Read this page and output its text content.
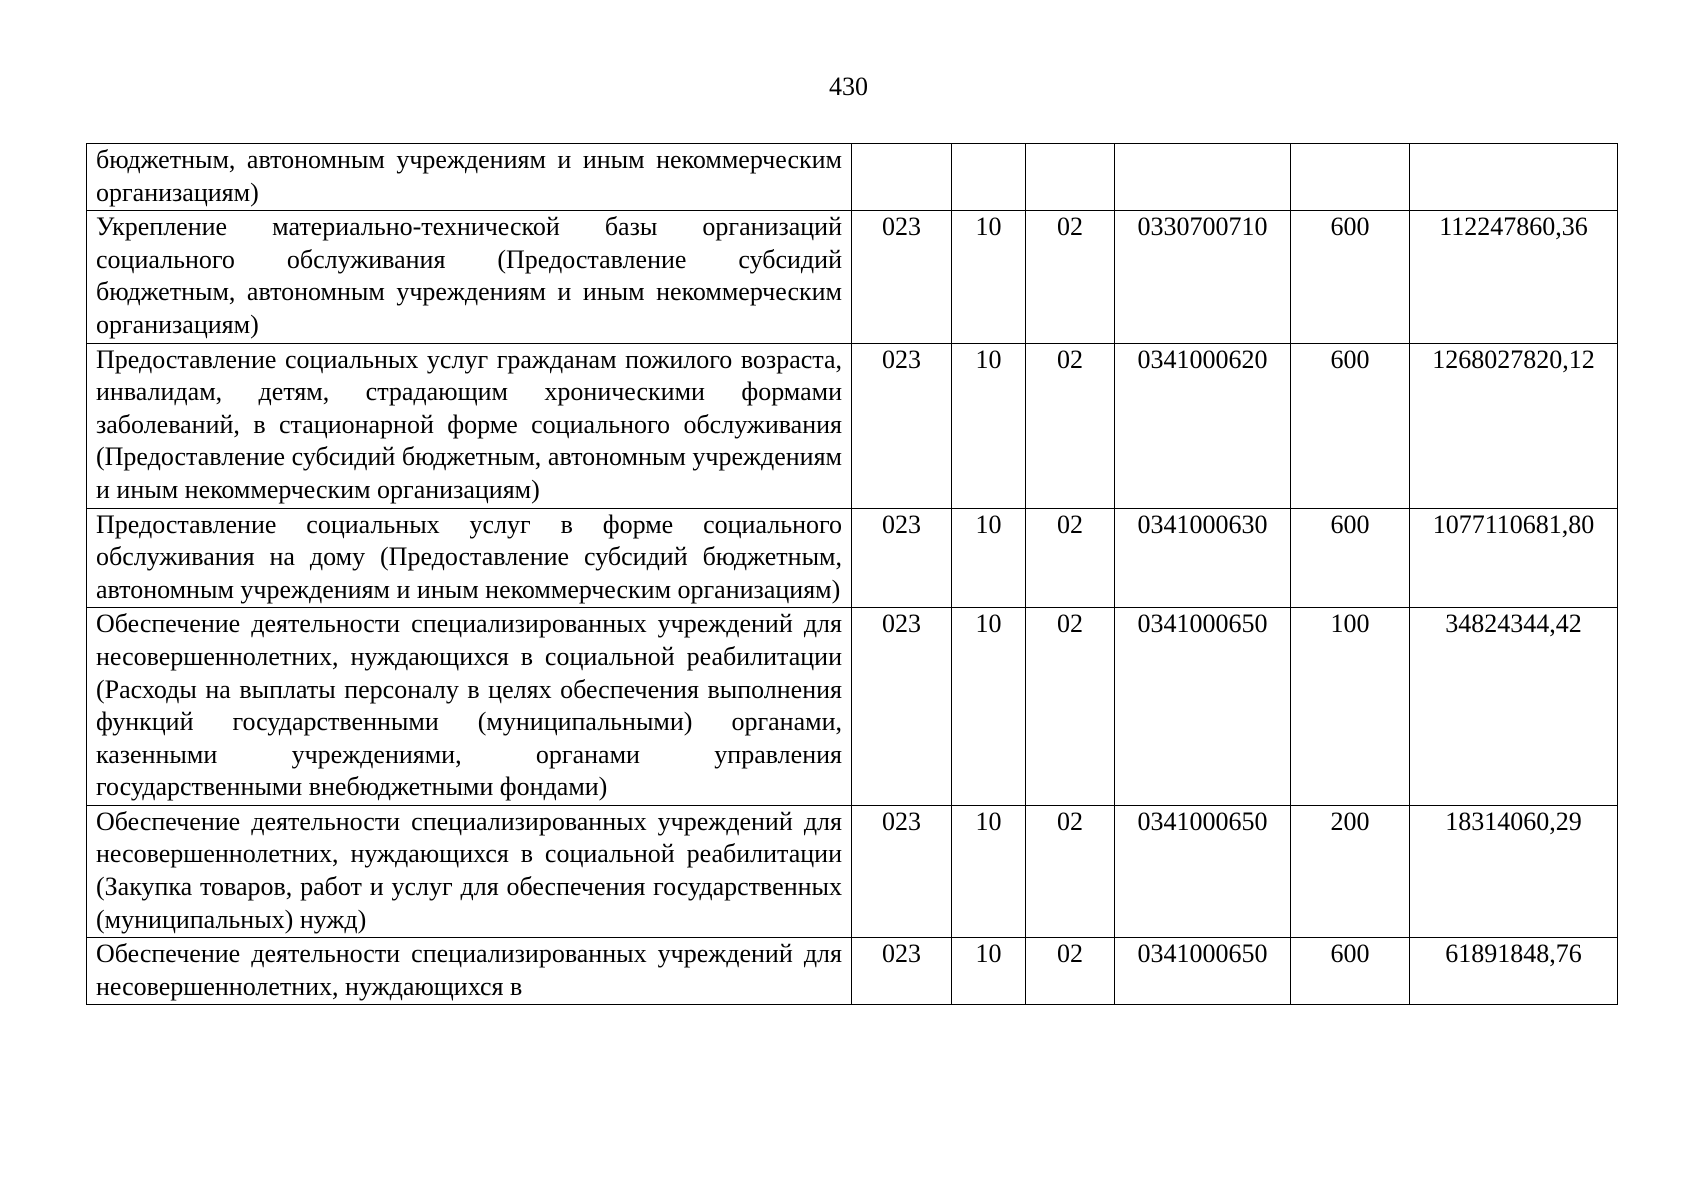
430
бюджетным, автономным учреждениям и иным некоммерческим организациям)						
Укрепление материально-технической базы организаций социального обслуживания (Предоставление субсидий бюджетным, автономным учреждениям и иным некоммерческим организациям)	023	10	02	0330700710	600	112247860,36
Предоставление социальных услуг гражданам пожилого возраста, инвалидам, детям, страдающим хроническими формами заболеваний, в стационарной форме социального обслуживания (Предоставление субсидий бюджетным, автономным учреждениям и иным некоммерческим организациям)	023	10	02	0341000620	600	1268027820,12
Предоставление социальных услуг в форме социального обслуживания на дому (Предоставление субсидий бюджетным, автономным учреждениям и иным некоммерческим организациям)	023	10	02	0341000630	600	1077110681,80
Обеспечение деятельности специализированных учреждений для несовершеннолетних, нуждающихся в социальной реабилитации (Расходы на выплаты персоналу в целях обеспечения выполнения функций государственными (муниципальными) органами, казенными учреждениями, органами управления государственными внебюджетными фондами)	023	10	02	0341000650	100	34824344,42
Обеспечение деятельности специализированных учреждений для несовершеннолетних, нуждающихся в социальной реабилитации (Закупка товаров, работ и услуг для обеспечения государственных (муниципальных) нужд)	023	10	02	0341000650	200	18314060,29
Обеспечение деятельности специализированных учреждений для несовершеннолетних, нуждающихся в	023	10	02	0341000650	600	61891848,76
